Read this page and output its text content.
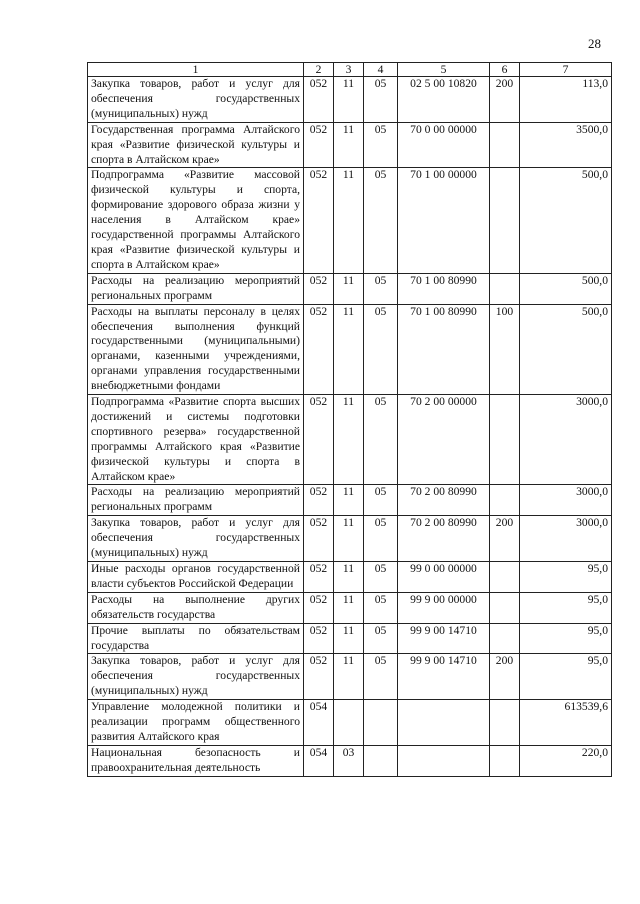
28
1	2	3	4	5	6	7
Закупка товаров, работ и услуг для обеспечения государственных (муниципальных) нужд	052	11	05	02 5 00 10820	200	113,0
Государственная программа Алтайского края «Развитие физической культуры и спорта в Алтайском крае»	052	11	05	70 0 00 00000		3500,0
Подпрограмма «Развитие массовой физической культуры и спорта, формирование здорового образа жизни у населения в Алтайском крае» государственной программы Алтайского края «Развитие физической культуры и спорта в Алтайском крае»	052	11	05	70 1 00 00000		500,0
Расходы на реализацию мероприятий региональных программ	052	11	05	70 1 00 80990		500,0
Расходы на выплаты персоналу в целях обеспечения выполнения функций государственными (муниципальными) органами, казенными учреждениями, органами управления государственными внебюджетными фондами	052	11	05	70 1 00 80990	100	500,0
Подпрограмма «Развитие спорта высших достижений и системы подготовки спортивного резерва» государственной программы Алтайского края «Развитие физической культуры и спорта в Алтайском крае»	052	11	05	70 2 00 00000		3000,0
Расходы на реализацию мероприятий региональных программ	052	11	05	70 2 00 80990		3000,0
Закупка товаров, работ и услуг для обеспечения государственных (муниципальных) нужд	052	11	05	70 2 00 80990	200	3000,0
Иные расходы органов государственной власти субъектов Российской Федерации	052	11	05	99 0 00 00000		95,0
Расходы на выполнение других обязательств государства	052	11	05	99 9 00 00000		95,0
Прочие выплаты по обязательствам государства	052	11	05	99 9 00 14710		95,0
Закупка товаров, работ и услуг для обеспечения государственных (муниципальных) нужд	052	11	05	99 9 00 14710	200	95,0
Управление молодежной политики и реализации программ общественного развития Алтайского края	054					613539,6
Национальная безопасность и правоохранительная деятельность	054	03				220,0
